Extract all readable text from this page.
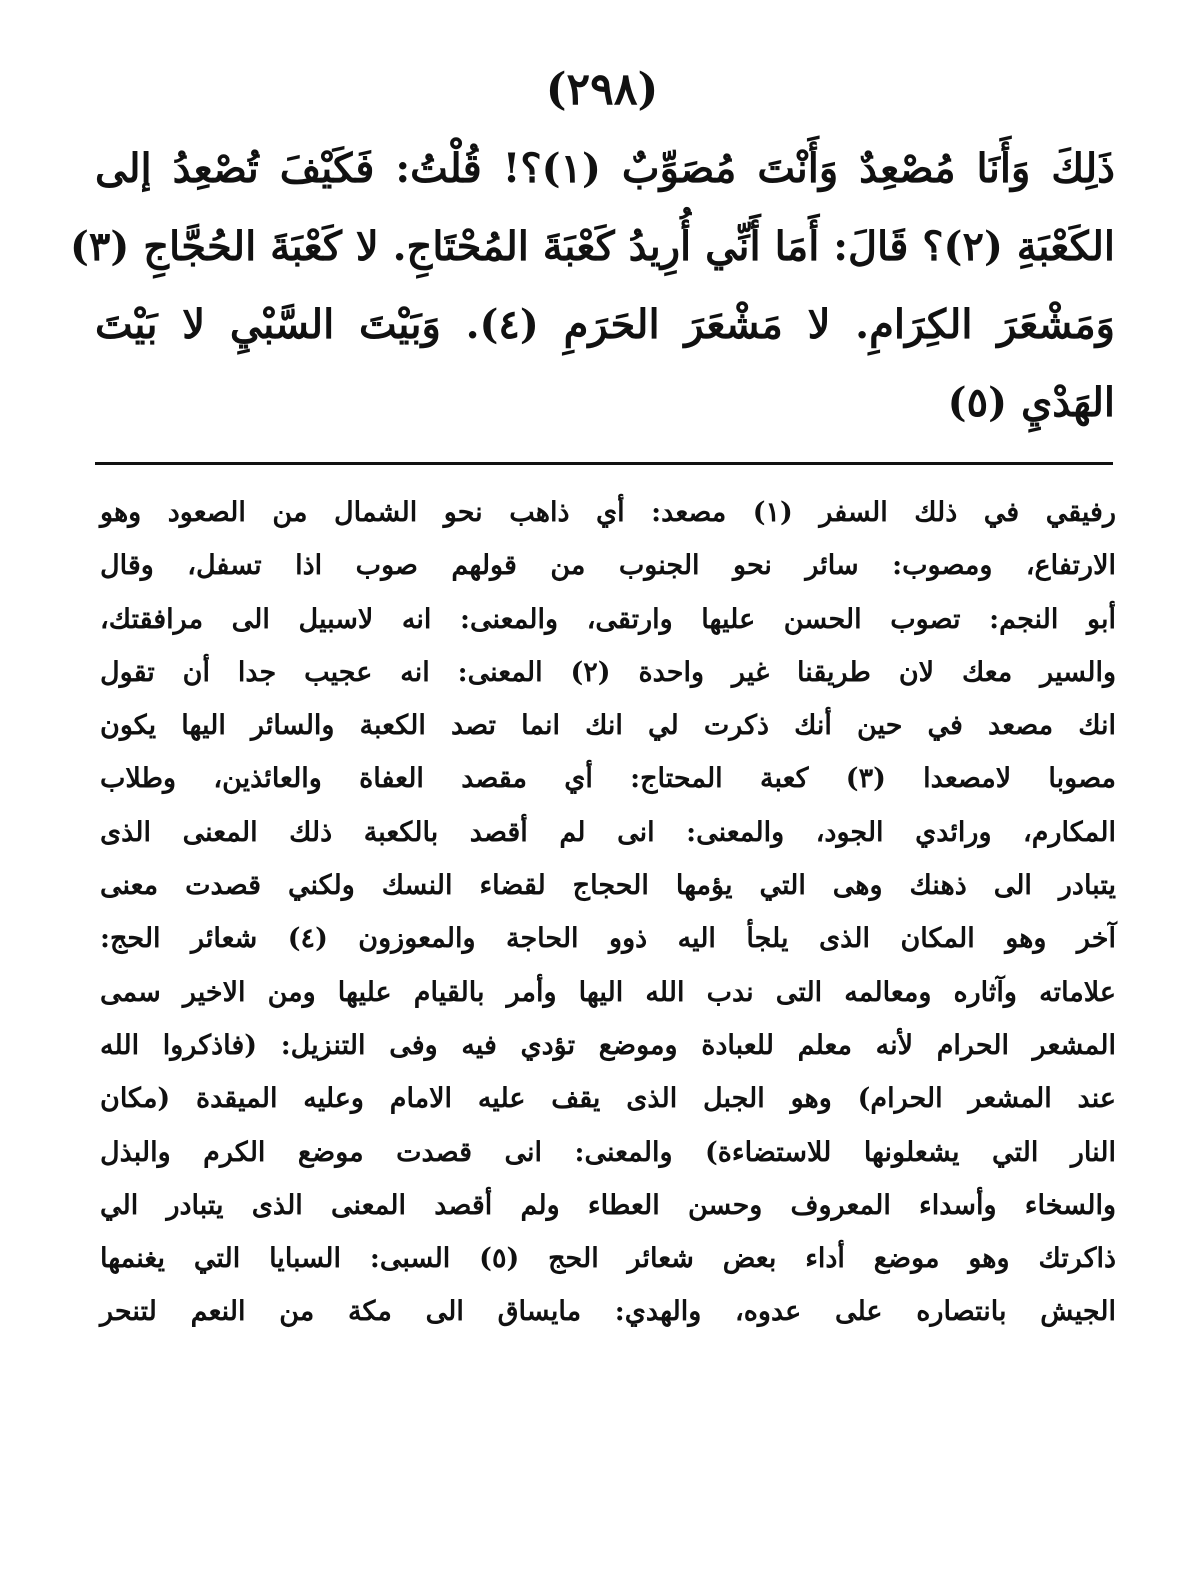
(٢٩٨)
ذَلِكَ وَأَنَا مُصْعِدٌ وَأَنْتَ مُصَوِّبٌ (١)؟! قُلْتُ: فَكَيْفَ تُصْعِدُ إلى
الكَعْبَةِ (٢)؟ قَالَ: أَمَا أَنِّي أُرِيدُ كَعْبَةَ المُحْتَاجِ. لا كَعْبَةَ الحُجَّاجِ (٣)
وَمَشْعَرَ الكِرَامِ. لا مَشْعَرَ الحَرَمِ (٤). وَبَيْتَ السَّبْيِ لا بَيْتَ
الهَدْيِ (٥)
رفيقي في ذلك السفر (١) مصعد: أي ذاهب نحو الشمال من الصعود وهو
الارتفاع، ومصوب: سائر نحو الجنوب من قولهم صوب اذا تسفل، وقال
أبو النجم: تصوب الحسن عليها وارتقى، والمعنى: انه لاسبيل الى مرافقتك،
والسير معك لان طريقنا غير واحدة (٢) المعنى: انه عجيب جدا أن تقول
انك مصعد في حين أنك ذكرت لي انك انما تصد الكعبة والسائر اليها يكون
مصوبا لامصعدا (٣) كعبة المحتاج: أي مقصد العفاة والعائذين، وطلاب
المكارم، ورائدي الجود، والمعنى: انى لم أقصد بالكعبة ذلك المعنى الذى
يتبادر الى ذهنك وهى التي يؤمها الحجاج لقضاء النسك ولكني قصدت معنى
آخر وهو المكان الذى يلجأ اليه ذوو الحاجة والمعوزون (٤) شعائر الحج:
علاماته وآثاره ومعالمه التى ندب الله اليها وأمر بالقيام عليها ومن الاخير سمى
المشعر الحرام لأنه معلم للعبادة وموضع تؤدي فيه وفى التنزيل: (فاذكروا الله
عند المشعر الحرام) وهو الجبل الذى يقف عليه الامام وعليه الميقدة (مكان
النار التي يشعلونها للاستضاءة) والمعنى: انى قصدت موضع الكرم والبذل
والسخاء وأسداء المعروف وحسن العطاء ولم أقصد المعنى الذى يتبادر الي
ذاكرتك وهو موضع أداء بعض شعائر الحج (٥) السبى: السبايا التي يغنمها
الجيش بانتصاره على عدوه، والهدي: مايساق الى مكة من النعم لتنحر
